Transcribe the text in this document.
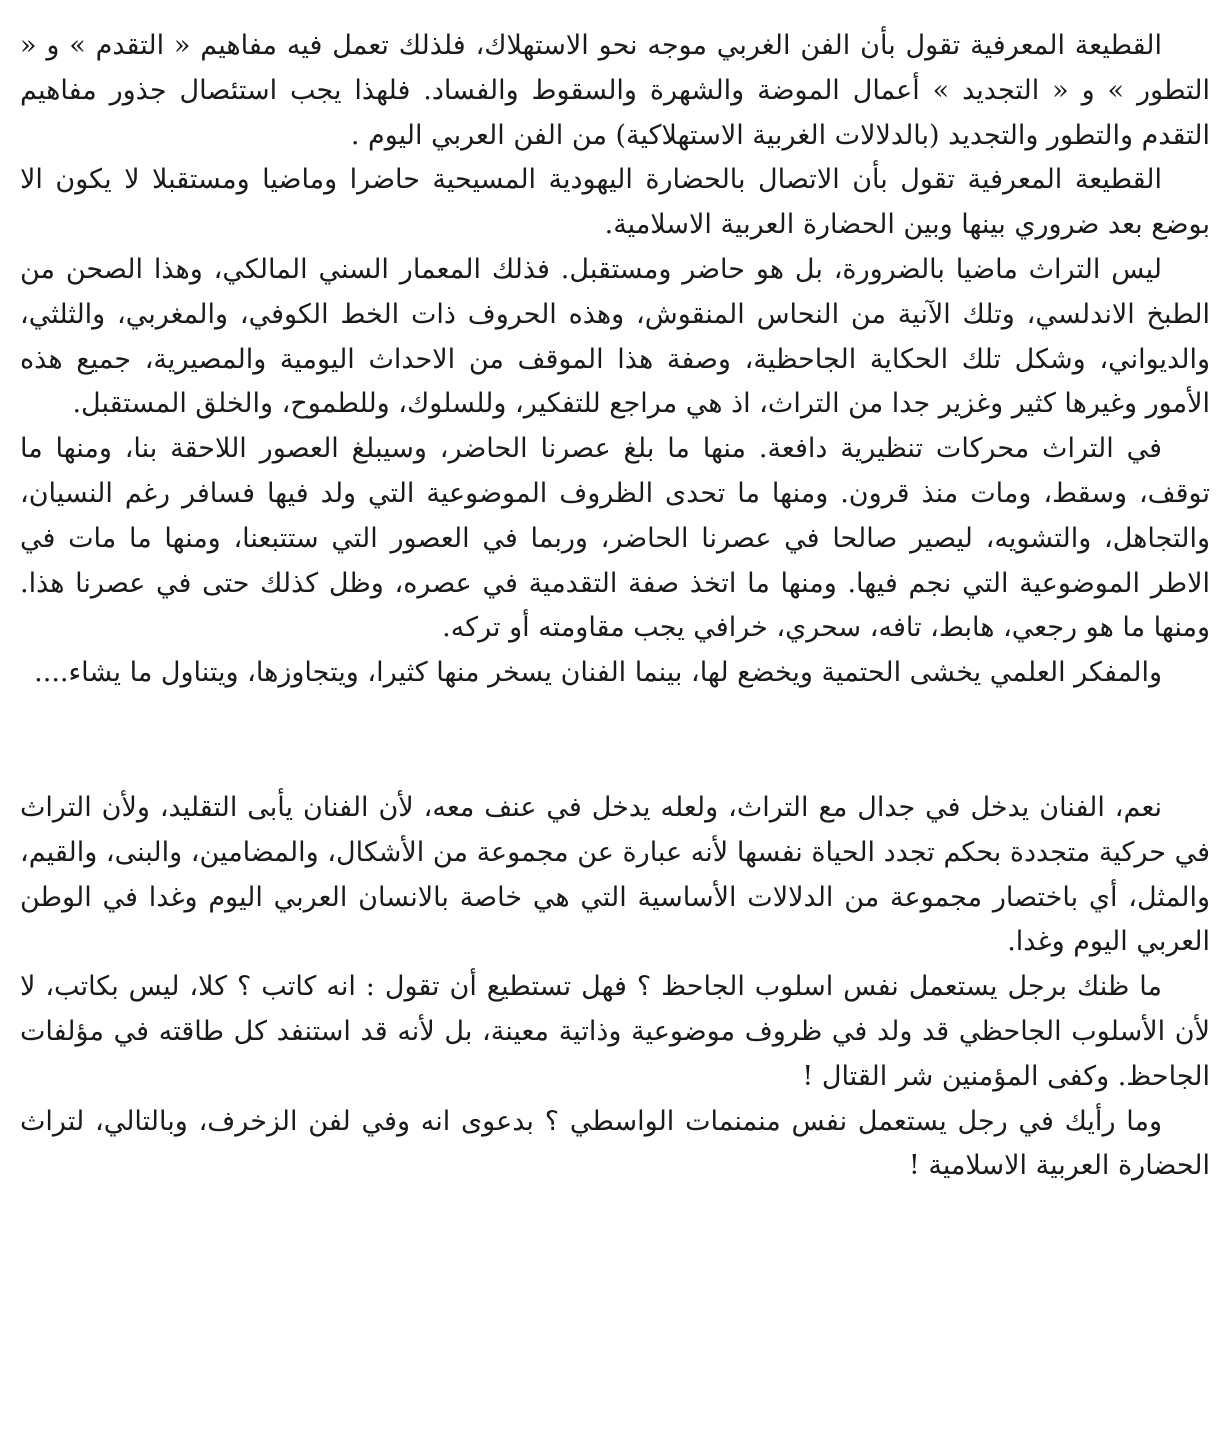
القطيعة المعرفية تقول بأن الفن الغربي موجه نحو الاستهلاك، فلذلك تعمل فيه مفاهيم « التقدم » و « التطور » و « التجديد » أعمال الموضة والشهرة والسقوط والفساد. فلهذا يجب استئصال جذور مفاهيم التقدم والتطور والتجديد (بالدلالات الغربية الاستهلاكية) من الفن العربي اليوم .

القطيعة المعرفية تقول بأن الاتصال بالحضارة اليهودية المسيحية حاضرا وماضيا ومستقبلا لا يكون الا بوضع بعد ضروري بينها وبين الحضارة العربية الاسلامية.

ليس التراث ماضيا بالضرورة، بل هو حاضر ومستقبل. فذلك المعمار السني المالكي، وهذا الصحن من الطبخ الاندلسي، وتلك الآنية من النحاس المنقوش، وهذه الحروف ذات الخط الكوفي، والمغربي، والثلثي، والديواني، وشكل تلك الحكاية الجاحظية، وصفة هذا الموقف من الاحداث اليومية والمصيرية، جميع هذه الأمور وغيرها كثير وغزير جدا من التراث، اذ هي مراجع للتفكير، وللسلوك، وللطموح، والخلق المستقبل.

في التراث محركات تنظيرية دافعة. منها ما بلغ عصرنا الحاضر، وسيبلغ العصور اللاحقة بنا، ومنها ما توقف، وسقط، ومات منذ قرون. ومنها ما تحدى الظروف الموضوعية التي ولد فيها فسافر رغم النسيان، والتجاهل، والتشويه، ليصير صالحا في عصرنا الحاضر، وربما في العصور التي ستتبعنا، ومنها ما مات في الاطر الموضوعية التي نجم فيها. ومنها ما اتخذ صفة التقدمية في عصره، وظل كذلك حتى في عصرنا هذا. ومنها ما هو رجعي، هابط، تافه، سحري، خرافي يجب مقاومته أو تركه.

والمفكر العلمي يخشى الحتمية ويخضع لها، بينما الفنان يسخر منها كثيرا، ويتجاوزها، ويتناول ما يشاء....

نعم، الفنان يدخل في جدال مع التراث، ولعله يدخل في عنف معه، لأن الفنان يأبى التقليد، ولأن التراث في حركية متجددة بحكم تجدد الحياة نفسها لأنه عبارة عن مجموعة من الأشكال، والمضامين، والبنى، والقيم، والمثل، أي باختصار مجموعة من الدلالات الأساسية التي هي خاصة بالانسان العربي اليوم وغدا في الوطن العربي اليوم وغدا.

ما ظنك برجل يستعمل نفس اسلوب الجاحظ ؟ فهل تستطيع أن تقول : انه كاتب ؟ كلا، ليس بكاتب، لا لأن الأسلوب الجاحظي قد ولد في ظروف موضوعية وذاتية معينة، بل لأنه قد استنفد كل طاقته في مؤلفات الجاحظ. وكفى المؤمنين شر القتال !

وما رأيك في رجل يستعمل نفس منمنمات الواسطي ؟ بدعوى انه وفي لفن الزخرف، وبالتالي، لتراث الحضارة العربية الاسلامية !
